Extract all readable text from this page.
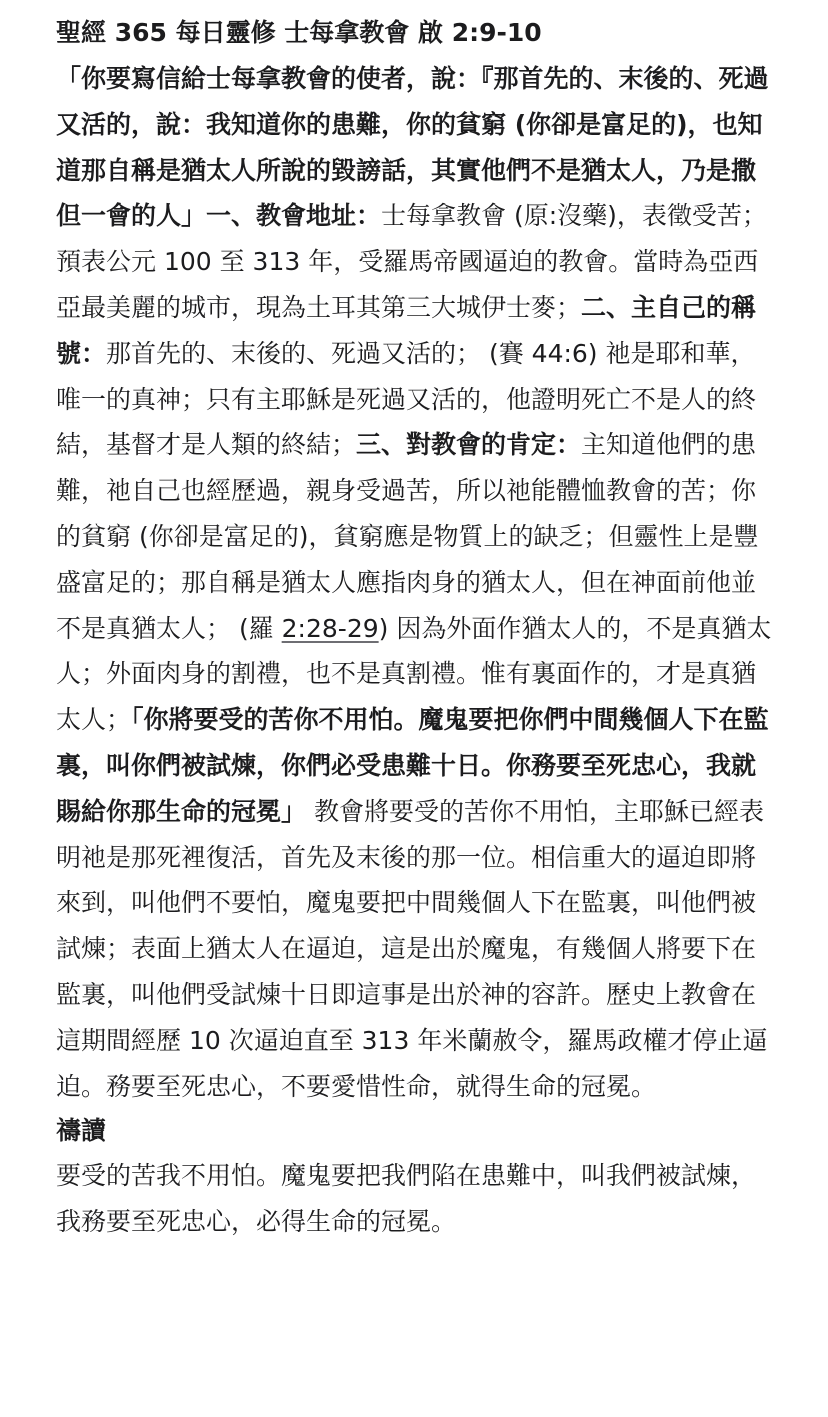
聖經 365 每日靈修 士每拿教會 啟 2:9-10
「你要寫信給士每拿教會的使者，說：『那首先的、末後的、死過又活的，說：我知道你的患難，你的貧窮 (你卻是富足的)，也知道那自稱是猶太人所說的毀謗話，其實他們不是猶太人，乃是撒但一會的人」一、教會地址：士每拿教會 (原:沒藥)，表徵受苦；預表公元 100 至 313 年，受羅馬帝國逼迫的教會。當時為亞西亞最美麗的城市，現為土耳其第三大城伊士麥；二、主自己的稱號：那首先的、末後的、死過又活的； (賽 44:6) 祂是耶和華，唯一的真神；只有主耶穌是死過又活的，他證明死亡不是人的終結，基督才是人類的終結；三、對教會的肯定：主知道他們的患難，祂自己也經歷過，親身受過苦，所以祂能體恤教會的苦；你的貧窮 (你卻是富足的)，貧窮應是物質上的缺乏；但靈性上是豐盛富足的；那自稱是猶太人應指肉身的猶太人，但在神面前他並不是真猶太人； (羅 2:28-29) 因為外面作猶太人的，不是真猶太人；外面肉身的割禮，也不是真割禮。惟有裏面作的，才是真猶太人；「你將要受的苦你不用怕。魔鬼要把你們中間幾個人下在監裏，叫你們被試煉，你們必受患難十日。你務要至死忠心，我就賜給你那生命的冠冕」 教會將要受的苦你不用怕，主耶穌已經表明祂是那死裡復活，首先及末後的那一位。相信重大的逼迫即將來到，叫他們不要怕，魔鬼要把中間幾個人下在監裏，叫他們被試煉；表面上猶太人在逼迫，這是出於魔鬼，有幾個人將要下在監裏，叫他們受試煉十日即這事是出於神的容許。歷史上教會在這期間經歷 10 次逼迫直至 313 年米蘭赦令，羅馬政權才停止逼迫。務要至死忠心，不要愛惜性命，就得生命的冠冕。
禱讀
要受的苦我不用怕。魔鬼要把我們陷在患難中，叫我們被試煉，我務要至死忠心，必得生命的冠冕。
